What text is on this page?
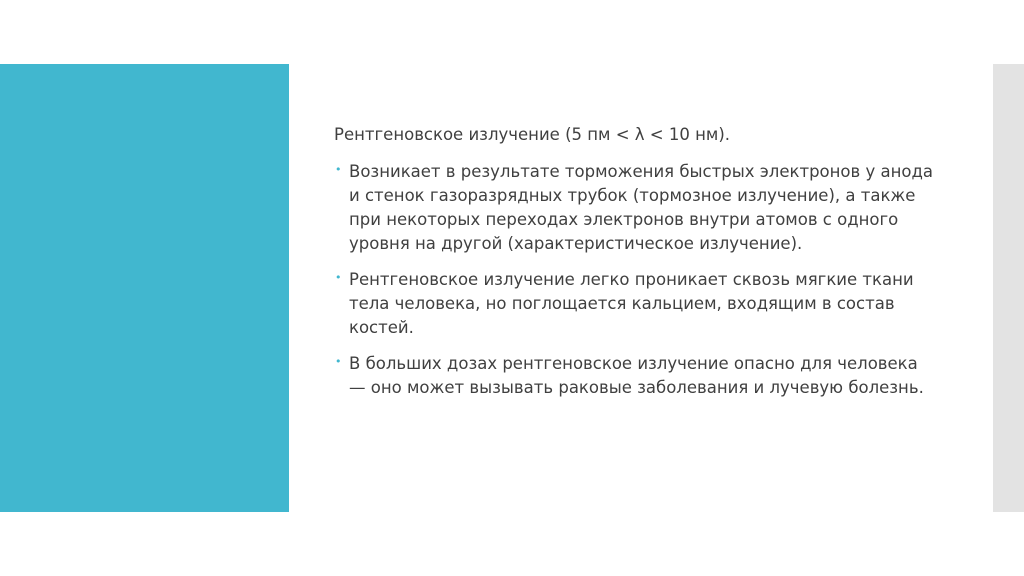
Рентгеновское излучение (5 пм < λ < 10 нм).

• Возникает в результате торможения быстрых электронов у анода и стенок газоразрядных трубок (тормозное излучение), а также при некоторых переходах электронов внутри атомов с одного уровня на другой (характеристическое излучение).
• Рентгеновское излучение легко проникает сквозь мягкие ткани тела человека, но поглощается кальцием, входящим в состав костей.
• В больших дозах рентгеновское излучение опасно для человека — оно может вызывать раковые заболевания и лучевую болезнь.
